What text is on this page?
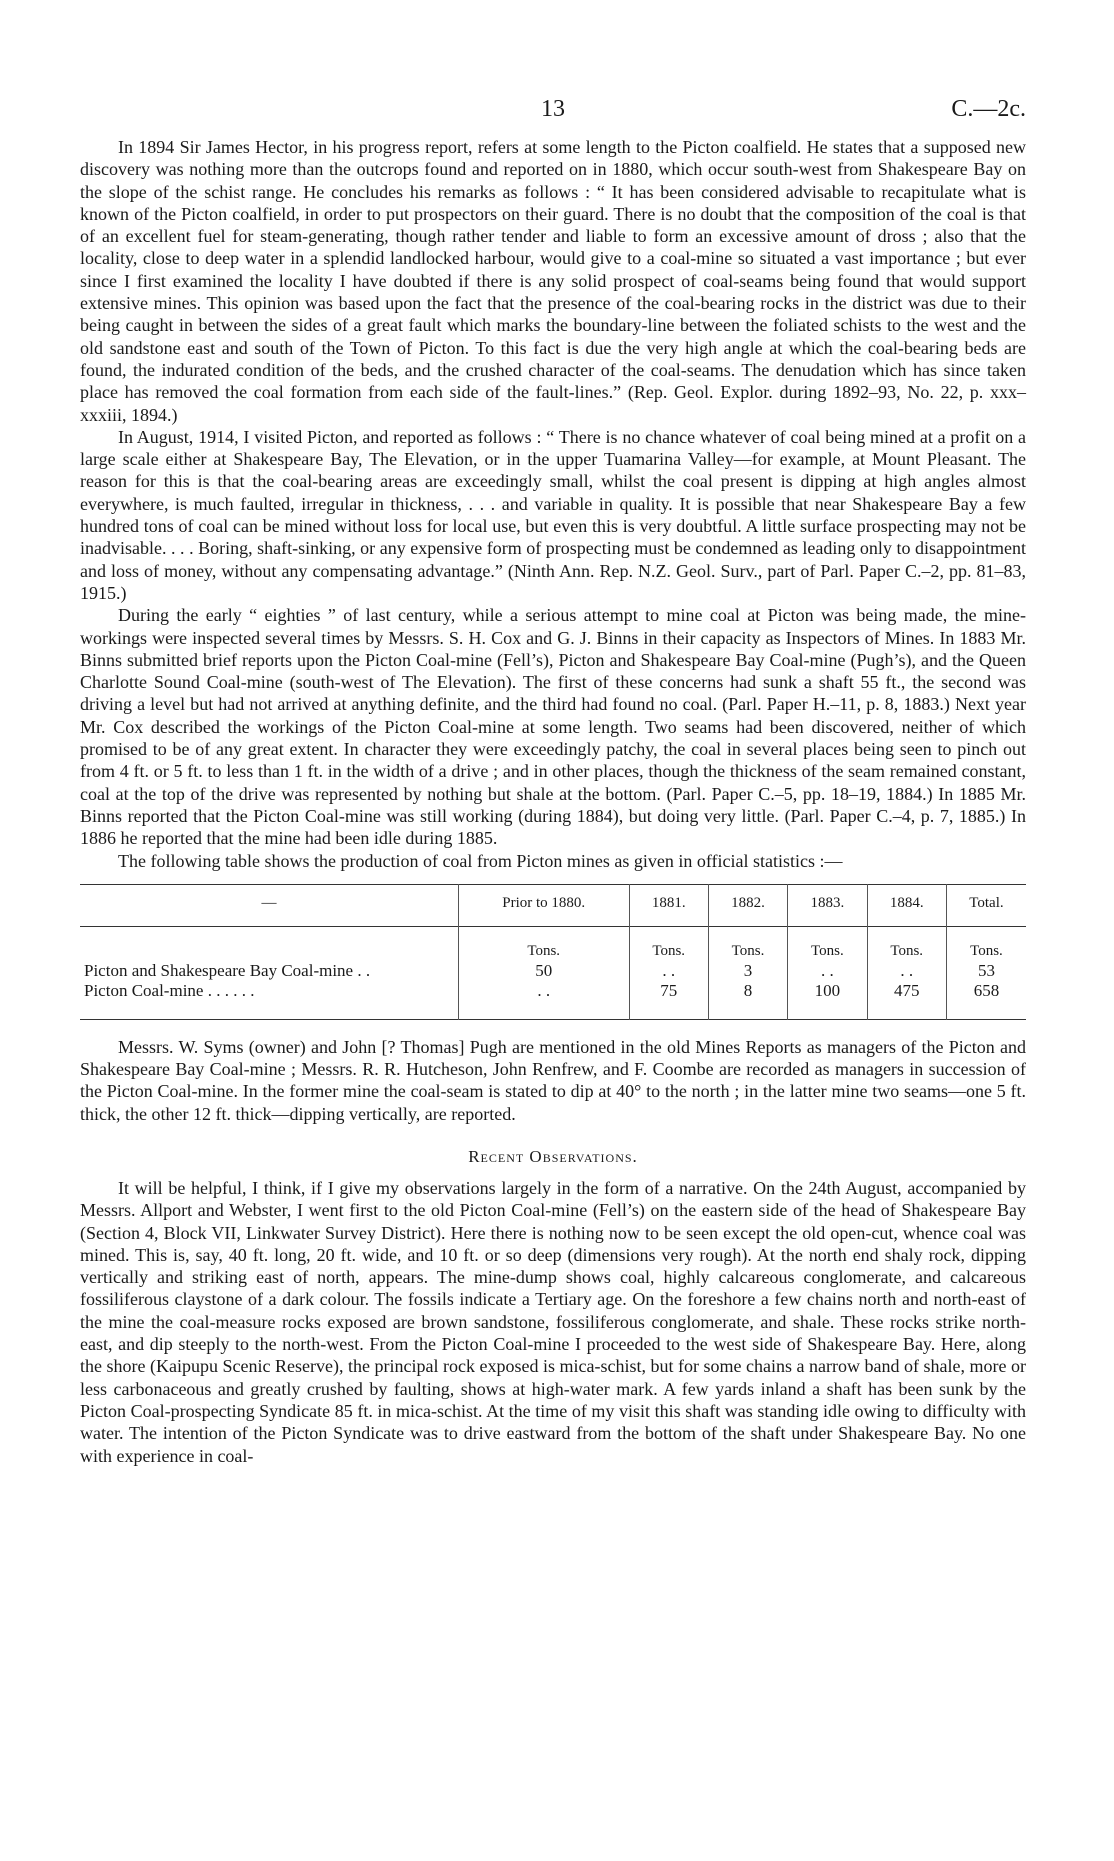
13	C.—2c.

In 1894 Sir James Hector, in his progress report, refers at some length to the Picton coalfield. He states that a supposed new discovery was nothing more than the outcrops found and reported on in 1880, which occur south-west from Shakespeare Bay on the slope of the schist range. He concludes his remarks as follows : “ It has been considered advisable to recapitulate what is known of the Picton coalfield, in order to put prospectors on their guard. There is no doubt that the composition of the coal is that of an excellent fuel for steam-generating, though rather tender and liable to form an excessive amount of dross ; also that the locality, close to deep water in a splendid landlocked harbour, would give to a coal-mine so situated a vast importance ; but ever since I first examined the locality I have doubted if there is any solid prospect of coal-seams being found that would support extensive mines. This opinion was based upon the fact that the presence of the coal-bearing rocks in the district was due to their being caught in between the sides of a great fault which marks the boundary-line between the foliated schists to the west and the old sandstone east and south of the Town of Picton. To this fact is due the very high angle at which the coal-bearing beds are found, the indurated condition of the beds, and the crushed character of the coal-seams. The denudation which has since taken place has removed the coal formation from each side of the fault-lines.” (Rep. Geol. Explor. during 1892–93, No. 22, p. xxx–xxxiii, 1894.)

In August, 1914, I visited Picton, and reported as follows : “ There is no chance whatever of coal being mined at a profit on a large scale either at Shakespeare Bay, The Elevation, or in the upper Tuamarina Valley—for example, at Mount Pleasant. The reason for this is that the coal-bearing areas are exceedingly small, whilst the coal present is dipping at high angles almost everywhere, is much faulted, irregular in thickness, . . . and variable in quality. It is possible that near Shakespeare Bay a few hundred tons of coal can be mined without loss for local use, but even this is very doubtful. A little surface prospecting may not be inadvisable. . . . Boring, shaft-sinking, or any expensive form of prospecting must be condemned as leading only to disappointment and loss of money, without any compensating advantage.” (Ninth Ann. Rep. N.Z. Geol. Surv., part of Parl. Paper C.–2, pp. 81–83, 1915.)

During the early “ eighties ” of last century, while a serious attempt to mine coal at Picton was being made, the mine-workings were inspected several times by Messrs. S. H. Cox and G. J. Binns in their capacity as Inspectors of Mines. In 1883 Mr. Binns submitted brief reports upon the Picton Coal-mine (Fell’s), Picton and Shakespeare Bay Coal-mine (Pugh’s), and the Queen Charlotte Sound Coal-mine (south-west of The Elevation). The first of these concerns had sunk a shaft 55 ft., the second was driving a level but had not arrived at anything definite, and the third had found no coal. (Parl. Paper H.–11, p. 8, 1883.) Next year Mr. Cox described the workings of the Picton Coal-mine at some length. Two seams had been discovered, neither of which promised to be of any great extent. In character they were exceedingly patchy, the coal in several places being seen to pinch out from 4 ft. or 5 ft. to less than 1 ft. in the width of a drive ; and in other places, though the thickness of the seam remained constant, coal at the top of the drive was represented by nothing but shale at the bottom. (Parl. Paper C.–5, pp. 18–19, 1884.) In 1885 Mr. Binns reported that the Picton Coal-mine was still working (during 1884), but doing very little. (Parl. Paper C.–4, p. 7, 1885.) In 1886 he reported that the mine had been idle during 1885.

The following table shows the production of coal from Picton mines as given in official statistics :—

—	Prior to 1880.	1881.	1882.	1883.	1884.	Total.

	Tons.	Tons.	Tons.	Tons.	Tons.	Tons.
Picton and Shakespeare Bay Coal-mine . .	50	. .	3	. .	. .	53
Picton Coal-mine . . . . . .	. .	75	8	100	475	658

Messrs. W. Syms (owner) and John [? Thomas] Pugh are mentioned in the old Mines Reports as managers of the Picton and Shakespeare Bay Coal-mine ; Messrs. R. R. Hutcheson, John Renfrew, and F. Coombe are recorded as managers in succession of the Picton Coal-mine. In the former mine the coal-seam is stated to dip at 40° to the north ; in the latter mine two seams—one 5 ft. thick, the other 12 ft. thick—dipping vertically, are reported.

Recent Observations.

It will be helpful, I think, if I give my observations largely in the form of a narrative. On the 24th August, accompanied by Messrs. Allport and Webster, I went first to the old Picton Coal-mine (Fell’s) on the eastern side of the head of Shakespeare Bay (Section 4, Block VII, Linkwater Survey District). Here there is nothing now to be seen except the old open-cut, whence coal was mined. This is, say, 40 ft. long, 20 ft. wide, and 10 ft. or so deep (dimensions very rough). At the north end shaly rock, dipping vertically and striking east of north, appears. The mine-dump shows coal, highly calcareous conglomerate, and calcareous fossiliferous claystone of a dark colour. The fossils indicate a Tertiary age. On the foreshore a few chains north and north-east of the mine the coal-measure rocks exposed are brown sandstone, fossiliferous conglomerate, and shale. These rocks strike north-east, and dip steeply to the north-west. From the Picton Coal-mine I proceeded to the west side of Shakespeare Bay. Here, along the shore (Kaipupu Scenic Reserve), the principal rock exposed is mica-schist, but for some chains a narrow band of shale, more or less carbonaceous and greatly crushed by faulting, shows at high-water mark. A few yards inland a shaft has been sunk by the Picton Coal-prospecting Syndicate 85 ft. in mica-schist. At the time of my visit this shaft was standing idle owing to difficulty with water. The intention of the Picton Syndicate was to drive eastward from the bottom of the shaft under Shakespeare Bay. No one with experience in coal-
